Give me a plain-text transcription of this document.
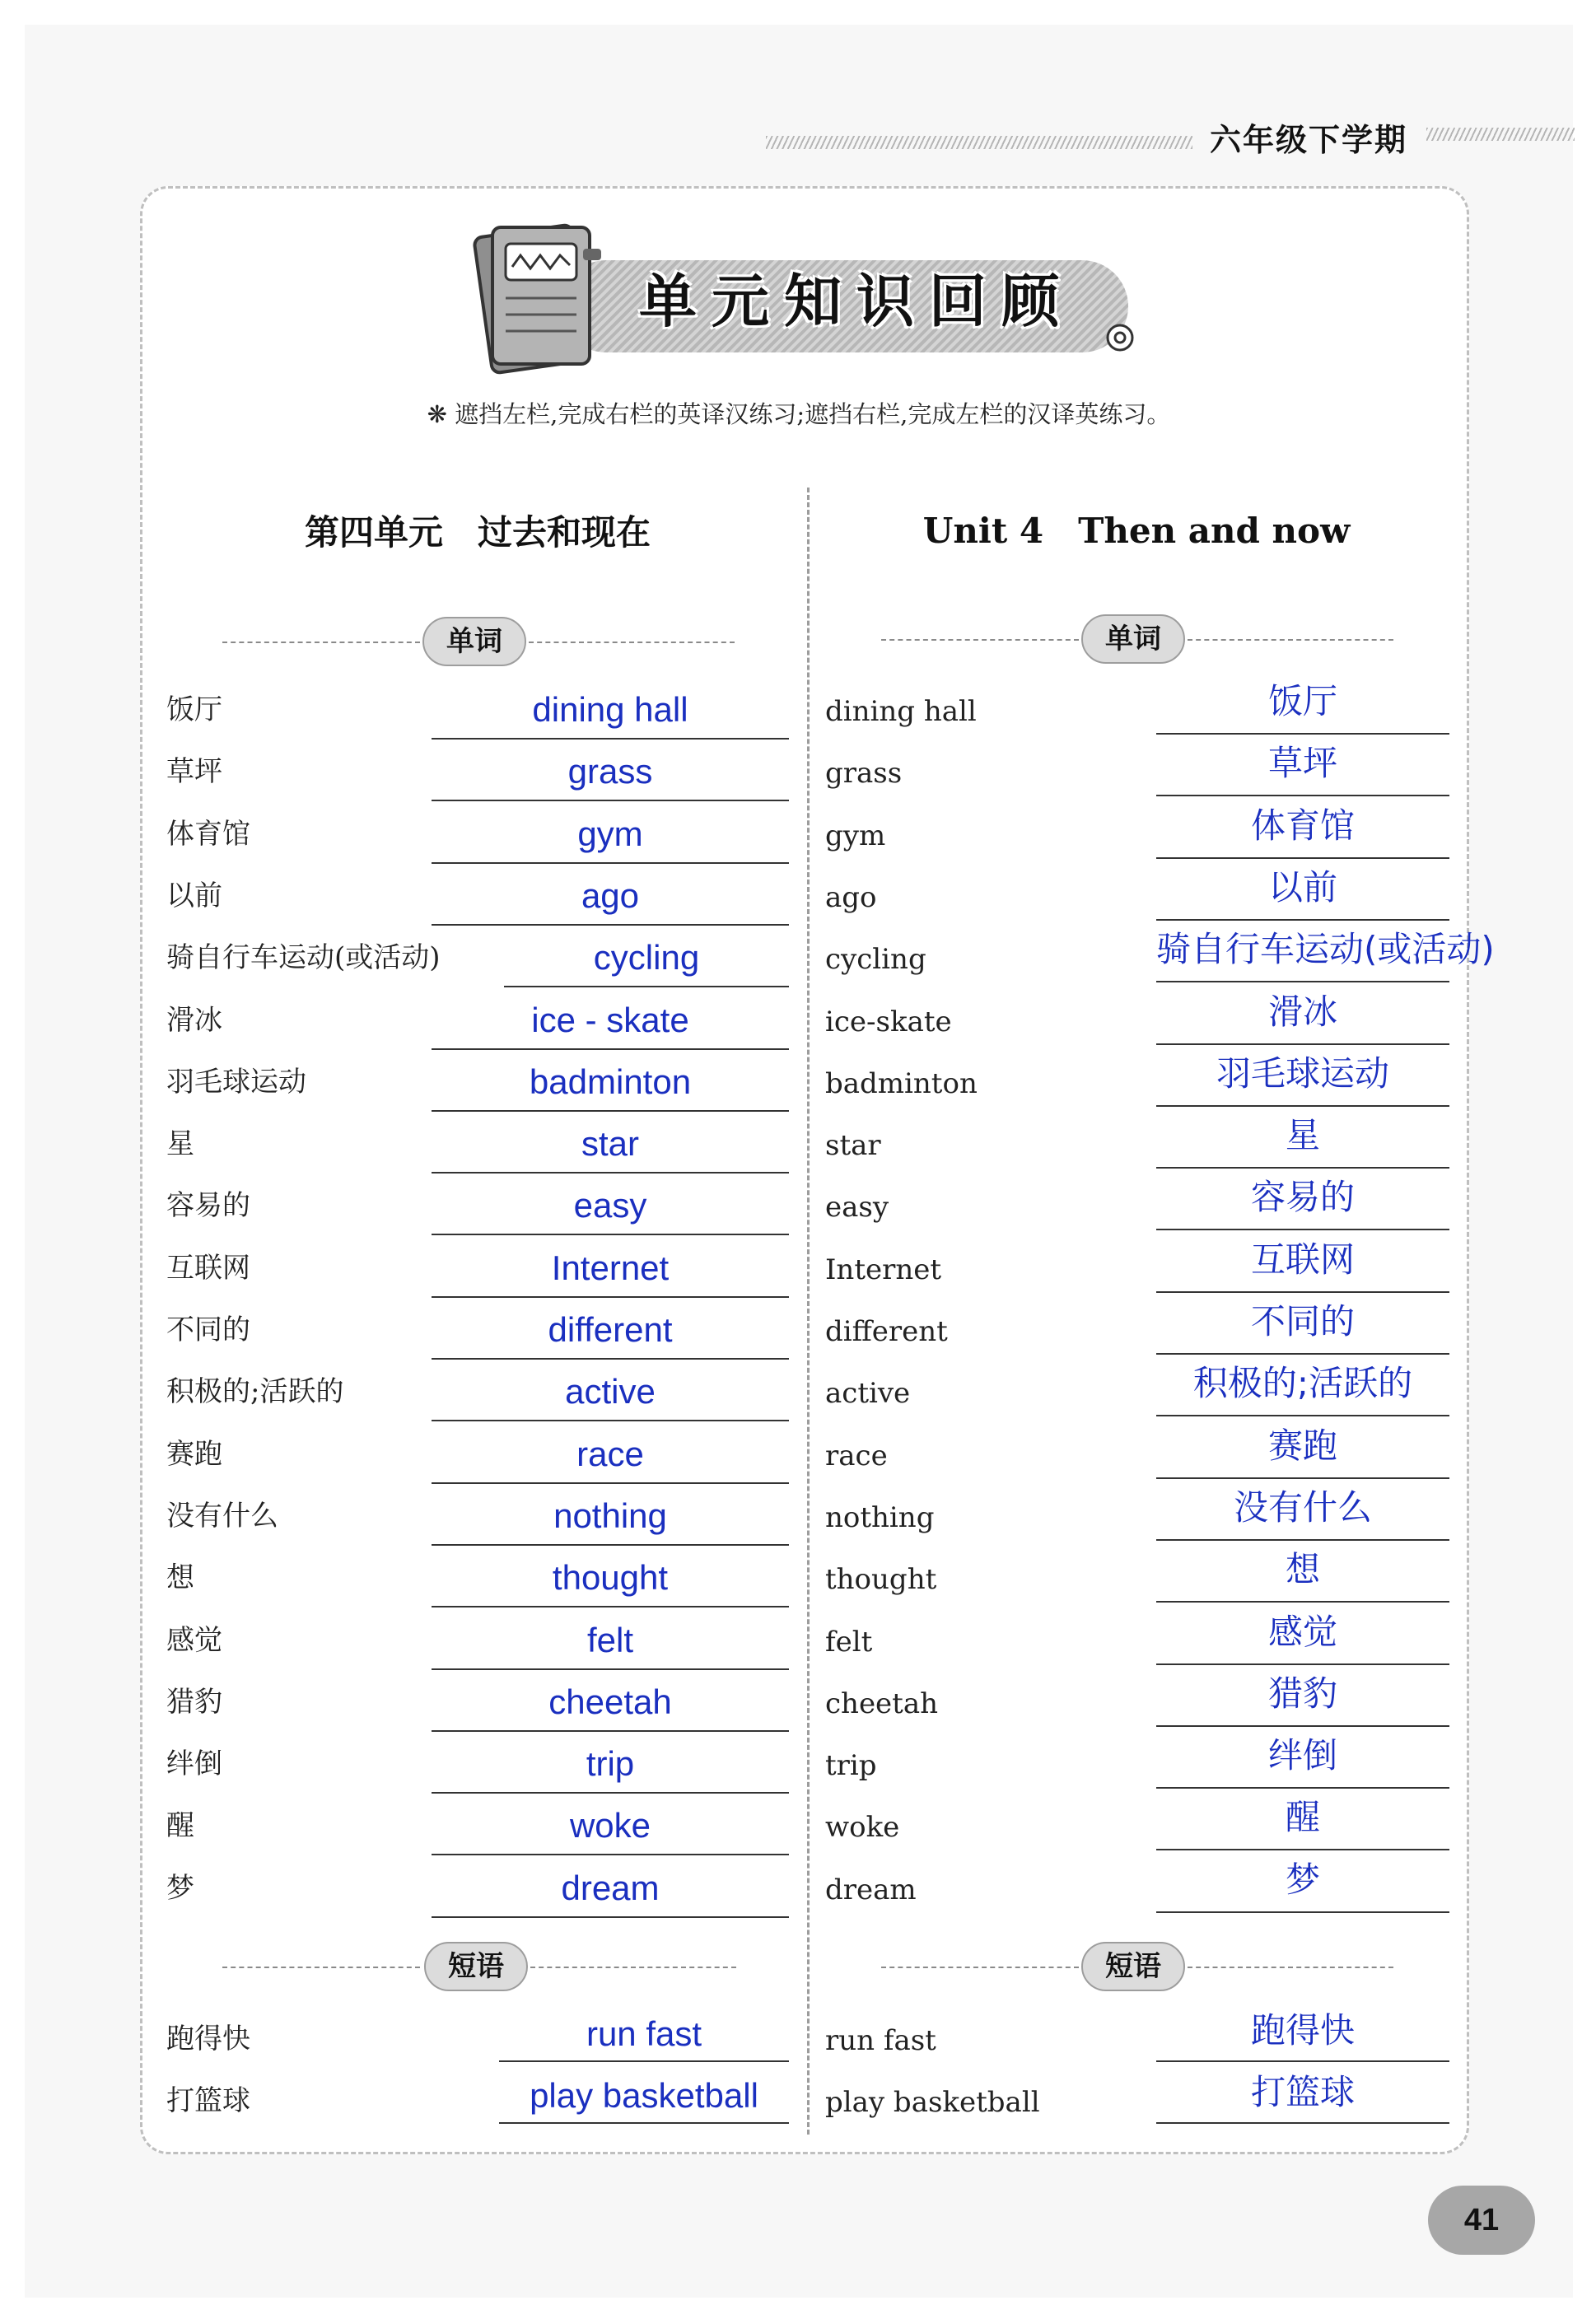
六年级下学期
单元知识回顾
❋ 遮挡左栏,完成右栏的英译汉练习;遮挡右栏,完成左栏的汉译英练习。
第四单元　过去和现在	Unit 4　Then and now
单词	单词
饭厅	dining hall
草坪	grass
体育馆	gym
以前	ago
骑自行车运动(或活动)	cycling
滑冰	ice - skate
羽毛球运动	badminton
星	star
容易的	easy
互联网	Internet
不同的	different
积极的;活跃的	active
赛跑	race
没有什么	nothing
想	thought
感觉	felt
猎豹	cheetah
绊倒	trip
醒	woke
梦	dream
dining hall	饭厅
grass	草坪
gym	体育馆
ago	以前
cycling	骑自行车运动(或活动)
ice-skate	滑冰
badminton	羽毛球运动
star	星
easy	容易的
Internet	互联网
different	不同的
active	积极的;活跃的
race	赛跑
nothing	没有什么
thought	想
felt	感觉
cheetah	猎豹
trip	绊倒
woke	醒
dream	梦
短语	短语
跑得快	run fast
打篮球	play basketball
run fast	跑得快
play basketball	打篮球
41
